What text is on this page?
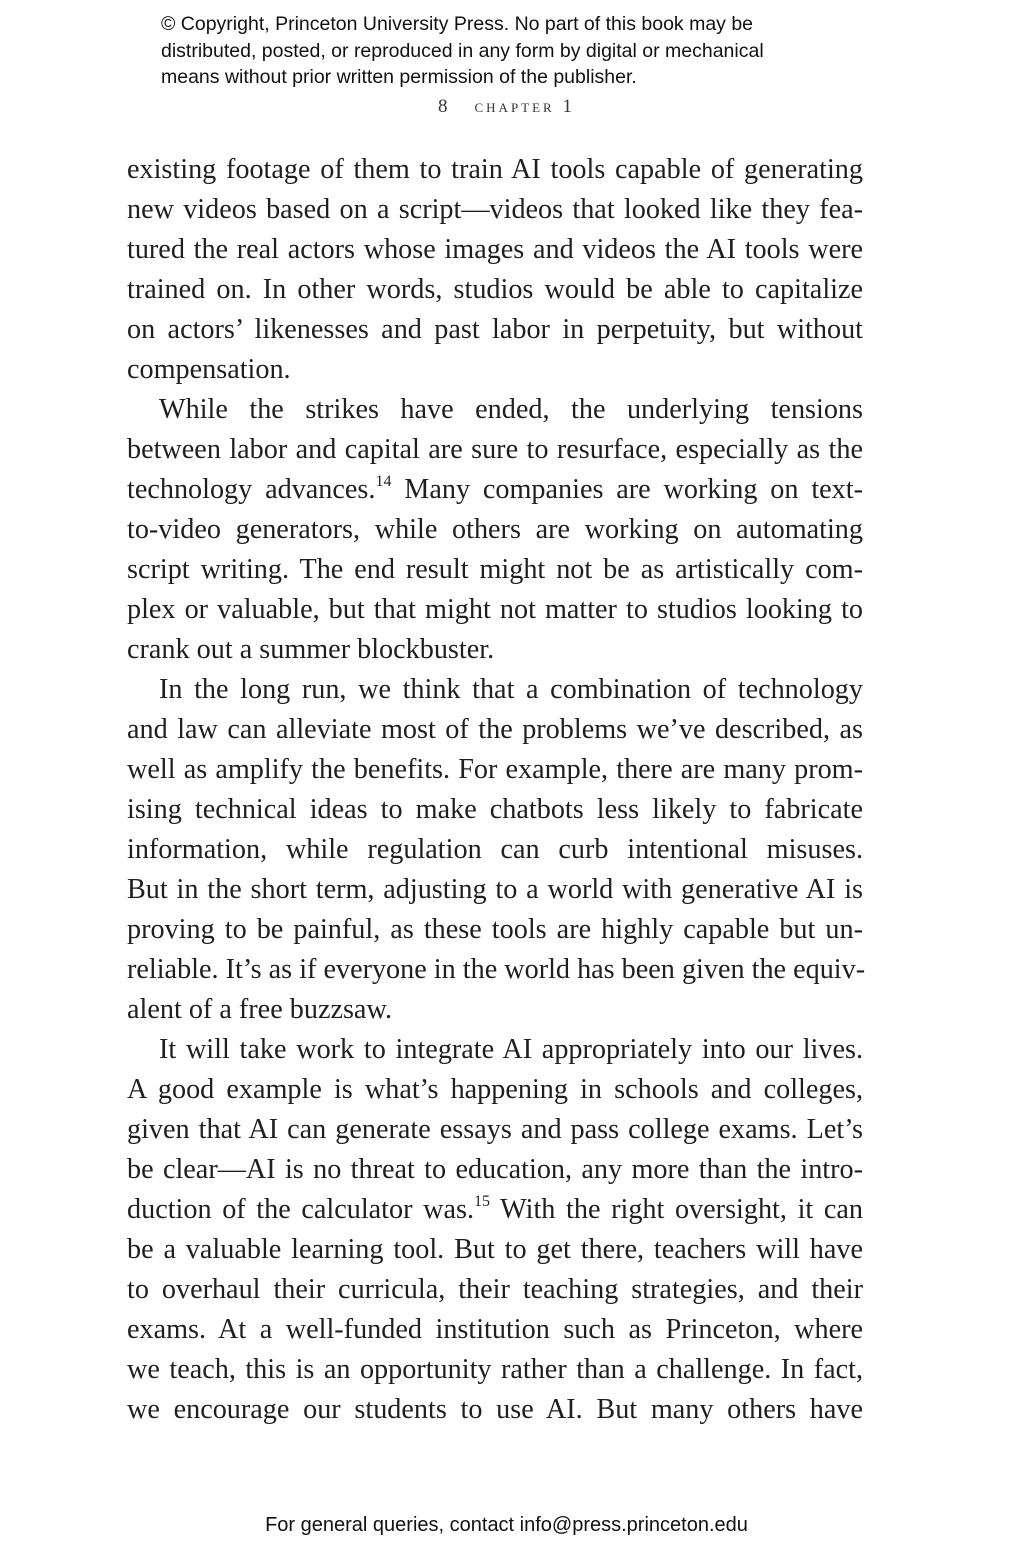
© Copyright, Princeton University Press. No part of this book may be
distributed, posted, or reproduced in any form by digital or mechanical
means without prior written permission of the publisher.
8 chapter 1
existing footage of them to train AI tools capable of generating
new videos based on a script—videos that looked like they fea-
tured the real actors whose images and videos the AI tools were
trained on. In other words, studios would be able to capitalize
on actors’ likenesses and past labor in perpetuity, but without
compensation.
While the strikes have ended, the underlying tensions
between labor and capital are sure to resurface, especially as the
technology advances.$^{14}$ Many companies are working on text-
to-video generators, while others are working on automating
script writing. The end result might not be as artistically com-
plex or valuable, but that might not matter to studios looking to
crank out a summer blockbuster.
In the long run, we think that a combination of technology
and law can alleviate most of the problems we’ve described, as
well as amplify the benefits. For example, there are many prom-
ising technical ideas to make chatbots less likely to fabricate
information, while regulation can curb intentional misuses.
But in the short term, adjusting to a world with generative AI is
proving to be painful, as these tools are highly capable but un-
reliable. It’s as if everyone in the world has been given the equiv-
alent of a free buzzsaw.
It will take work to integrate AI appropriately into our lives.
A good example is what’s happening in schools and colleges,
given that AI can generate essays and pass college exams. Let’s
be clear—AI is no threat to education, any more than the intro-
duction of the calculator was.$^{15}$ With the right oversight, it can
be a valuable learning tool. But to get there, teachers will have
to overhaul their curricula, their teaching strategies, and their
exams. At a well-funded institution such as Princeton, where
we teach, this is an opportunity rather than a challenge. In fact,
we encourage our students to use AI. But many others have
For general queries, contact info@press.princeton.edu
